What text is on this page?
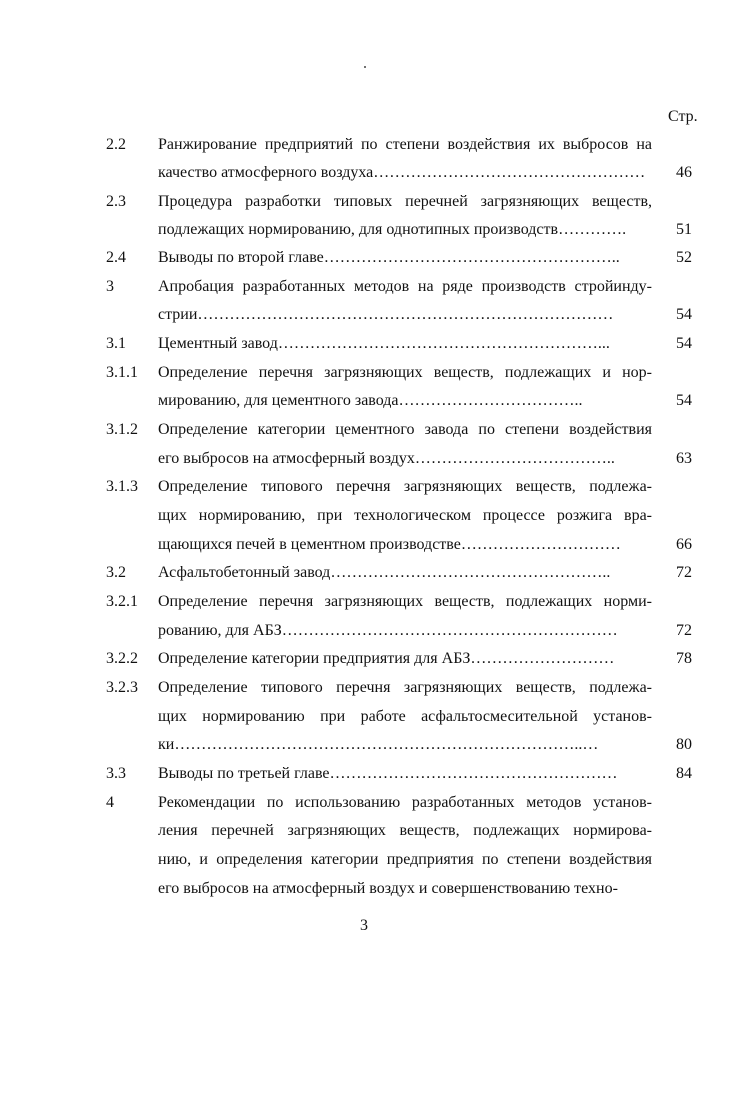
Стр.
2.2 Ранжирование предприятий по степени воздействия их выбросов на
качество атмосферного воздуха……………………………………………	46
2.3 Процедура разработки типовых перечней загрязняющих веществ,
подлежащих нормированию, для однотипных производств………….	51
2.4 Выводы по второй главе………………………………………………..	52
3	Апробация разработанных методов на ряде производств стройинду-
стрии……………………………………………………………………	54
3.1 Цементный завод……………………………………………………...	54
3.1.1 Определение перечня загрязняющих веществ, подлежащих и нор-
мированию, для цементного завода……………………………..	54
3.1.2 Определение категории цементного завода по степени воздействия
его выбросов на атмосферный воздух………………………………..	63
3.1.3 Определение типового перечня загрязняющих веществ, подлежа-
щих нормированию, при технологическом процессе розжига вра-
щающихся печей в цементном производстве…………………………	66
3.2 Асфальтобетонный завод……………………………………………..	72
3.2.1 Определение перечня загрязняющих веществ, подлежащих норми-
рованию, для АБЗ………………………………………………………	72
3.2.2 Определение категории предприятия для АБЗ………………………	78
3.2.3 Определение типового перечня загрязняющих веществ, подлежа-
щих нормированию при работе асфальтосмесительной установ-
ки…………………………………………………………………..…	80
3.3 Выводы по третьей главе………………………………………………	84
4	Рекомендации по использованию разработанных методов установ-
ления перечней загрязняющих веществ, подлежащих нормирова-
нию, и определения категории предприятия по степени воздействия
его выбросов на атмосферный воздух и совершенствованию техно-
3
